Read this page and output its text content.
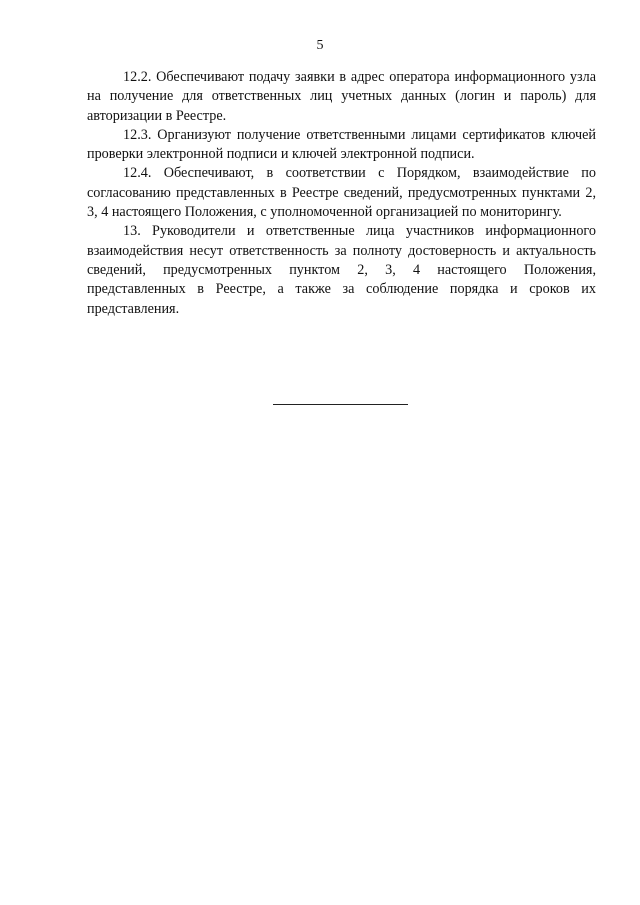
5

12.2. Обеспечивают подачу заявки в адрес оператора информационного узла на получение для ответственных лиц учетных данных (логин и пароль) для авторизации в Реестре.

12.3. Организуют получение ответственными лицами сертификатов ключей проверки электронной подписи и ключей электронной подписи.

12.4. Обеспечивают, в соответствии с Порядком, взаимодействие по согласованию представленных в Реестре сведений, предусмотренных пунктами 2, 3, 4 настоящего Положения, с уполномоченной организацией по мониторингу.

13. Руководители и ответственные лица участников информационного взаимодействия несут ответственность за полноту достоверность и актуальность сведений, предусмотренных пунктом 2, 3, 4 настоящего Положения, представленных в Реестре, а также за соблюдение порядка и сроков их представления.
